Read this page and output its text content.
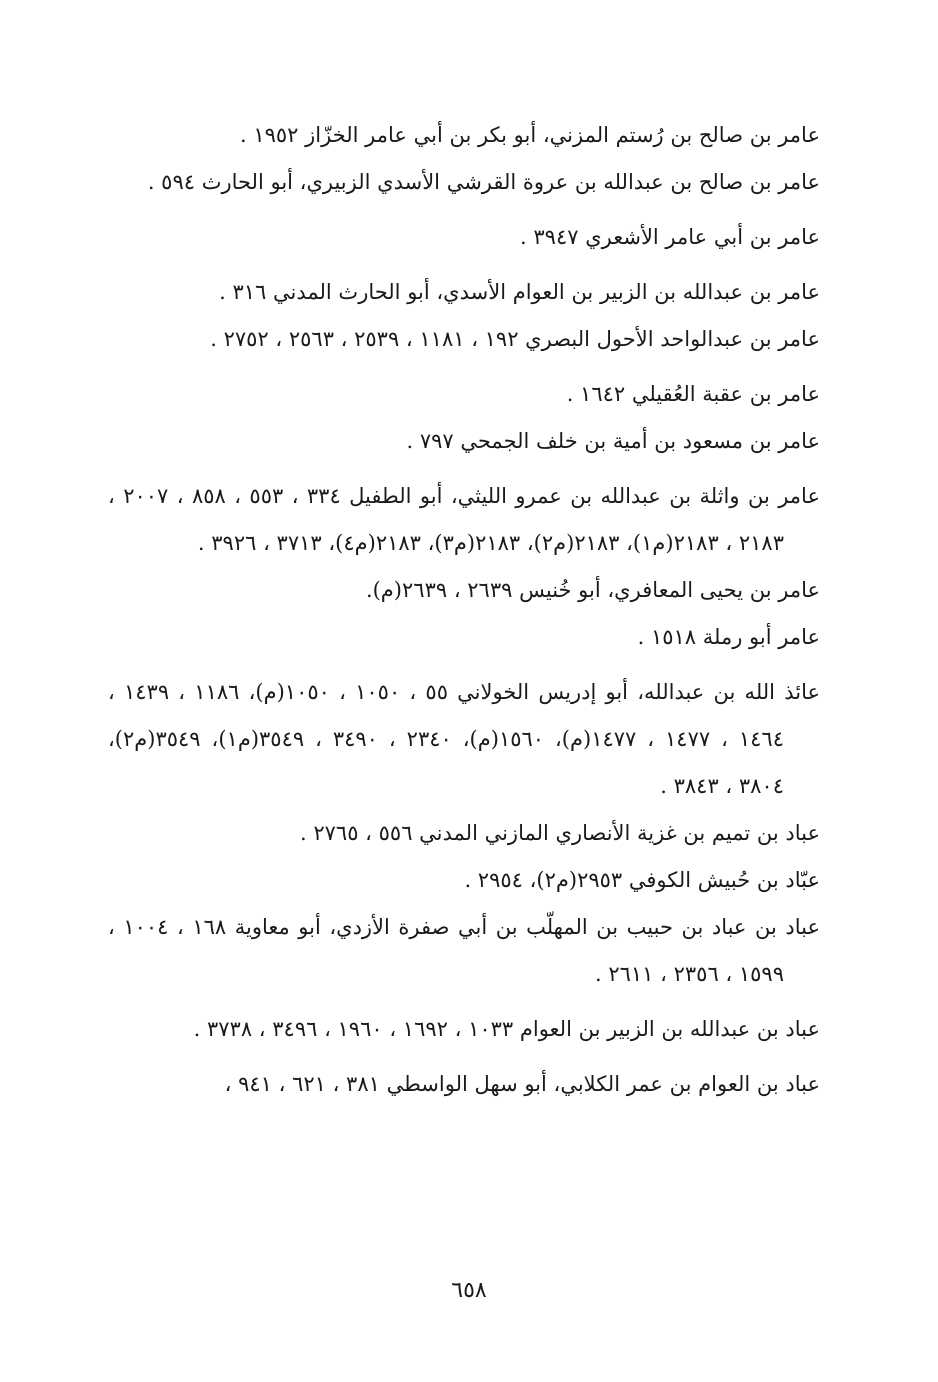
عامر بن صالح بن رُستم المزني، أبو بكر بن أبي عامر الخزّاز ١٩٥٢ .

عامر بن صالح بن عبدالله بن عروة القرشي الأسدي الزبيري، أبو الحارث ٥٩٤ .

عامر بن أبي عامر الأشعري ٣٩٤٧ .

عامر بن عبدالله بن الزبير بن العوام الأسدي، أبو الحارث المدني ٣١٦ .

عامر بن عبدالواحد الأحول البصري ١٩٢ ، ١١٨١ ، ٢٥٣٩ ، ٢٥٦٣ ، ٢٧٥٢ .

عامر بن عقبة العُقيلي ١٦٤٢ .

عامر بن مسعود بن أمية بن خلف الجمحي ٧٩٧ .

عامر بن واثلة بن عبدالله بن عمرو الليثي، أبو الطفيل ٣٣٤ ، ٥٥٣ ، ٨٥٨ ، ٢٠٠٧ ، ٢١٨٣ ، ٢١٨٣(م١)، ٢١٨٣(م٢)، ٢١٨٣(م٣)، ٢١٨٣(م٤)، ٣٧١٣ ، ٣٩٢٦ .

عامر بن يحيى المعافري، أبو خُنيس ٢٦٣٩ ، ٢٦٣٩(م).

عامر أبو رملة ١٥١٨ .

عائذ الله بن عبدالله، أبو إدريس الخولاني ٥٥ ، ١٠٥٠ ، ١٠٥٠(م)، ١١٨٦ ، ١٤٣٩ ، ١٤٦٤ ، ١٤٧٧ ، ١٤٧٧(م)، ١٥٦٠(م)، ٢٣٤٠ ، ٣٤٩٠ ، ٣٥٤٩(م١)، ٣٥٤٩(م٢)، ٣٨٠٤ ، ٣٨٤٣ .

عباد بن تميم بن غزية الأنصاري المازني المدني ٥٥٦ ، ٢٧٦٥ .

عبّاد بن حُبيش الكوفي ٢٩٥٣(م٢)، ٢٩٥٤ .

عباد بن عباد بن حبيب بن المهلّب بن أبي صفرة الأزدي، أبو معاوية ١٦٨ ، ١٠٠٤ ، ١٥٩٩ ، ٢٣٥٦ ، ٢٦١١ .

عباد بن عبدالله بن الزبير بن العوام ١٠٣٣ ، ١٦٩٢ ، ١٩٦٠ ، ٣٤٩٦ ، ٣٧٣٨ .

عباد بن العوام بن عمر الكلابي، أبو سهل الواسطي ٣٨١ ، ٦٢١ ، ٩٤١ ،

٦٥٨
